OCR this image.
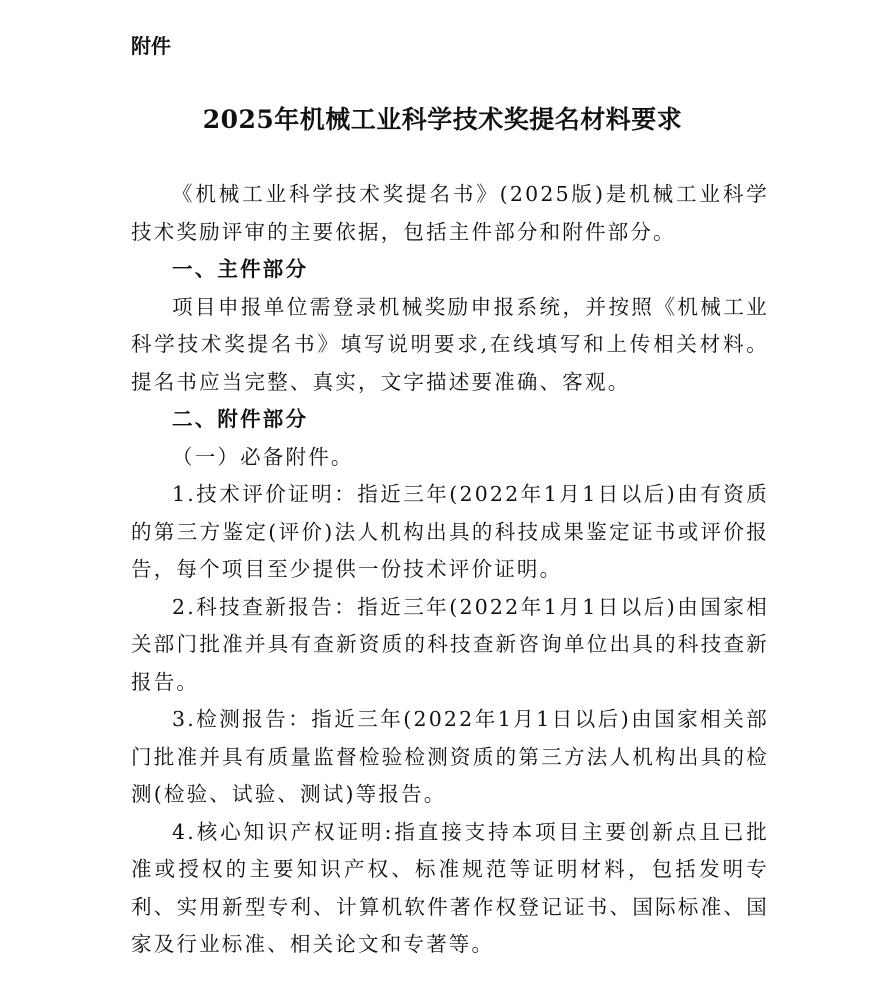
附件
2025年机械工业科学技术奖提名材料要求

《机械工业科学技术奖提名书》(2025版)是机械工业科学技术奖励评审的主要依据，包括主件部分和附件部分。

一、主件部分

项目申报单位需登录机械奖励申报系统，并按照《机械工业科学技术奖提名书》填写说明要求,在线填写和上传相关材料。提名书应当完整、真实，文字描述要准确、客观。

二、附件部分

（一）必备附件。

1.技术评价证明：指近三年(2022年1月1日以后)由有资质的第三方鉴定(评价)法人机构出具的科技成果鉴定证书或评价报告，每个项目至少提供一份技术评价证明。

2.科技查新报告：指近三年(2022年1月1日以后)由国家相关部门批准并具有查新资质的科技查新咨询单位出具的科技查新报告。

3.检测报告：指近三年(2022年1月1日以后)由国家相关部门批准并具有质量监督检验检测资质的第三方法人机构出具的检测(检验、试验、测试)等报告。

4.核心知识产权证明:指直接支持本项目主要创新点且已批准或授权的主要知识产权、标准规范等证明材料，包括发明专利、实用新型专利、计算机软件著作权登记证书、国际标准、国家及行业标准、相关论文和专著等。
